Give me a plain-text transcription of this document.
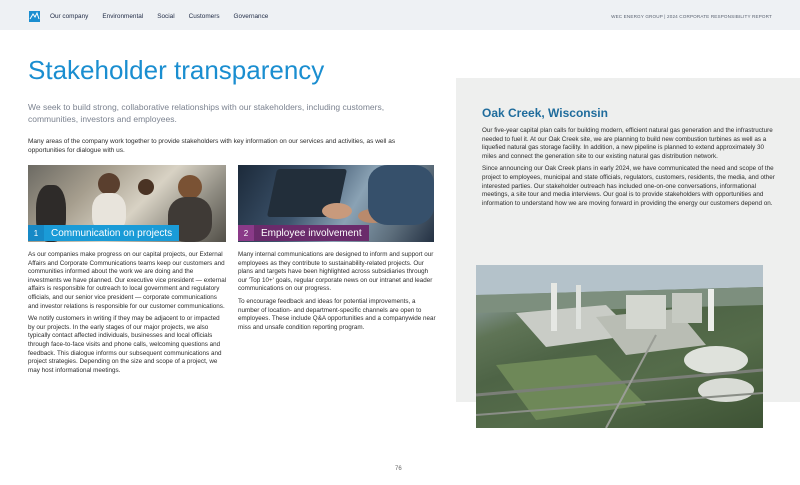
Our company Environmental Social Customers Governance	WEC ENERGY GROUP | 2024 CORPORATE RESPONSIBILITY REPORT
Stakeholder transparency

We seek to build strong, collaborative relationships with our stakeholders, including customers, communities, investors and employees.

Many areas of the company work together to provide stakeholders with key information on our services and activities, as well as opportunities for dialogue with us.

1	Communication on projects	2	Employee involvement

As our companies make progress on our capital projects, our External Affairs and Corporate Communications teams keep our customers and communities informed about the work we are doing and the investments we have planned. Our executive vice president — external affairs is responsible for outreach to local government and regulatory officials, and our senior vice president — corporate communications and investor relations is responsible for our customer communications.

We notify customers in writing if they may be adjacent to or impacted by our projects. In the early stages of our major projects, we also typically contact affected individuals, businesses and local officials through face-to-face visits and phone calls, welcoming questions and feedback. This dialogue informs our subsequent communications and project strategies. Depending on the size and scope of a project, we may host informational meetings.

Many internal communications are designed to inform and support our employees as they contribute to sustainability-related projects. Our plans and targets have been highlighted across subsidiaries through our 'Top 10+' goals, regular corporate news on our intranet and leader communications on our progress.

To encourage feedback and ideas for potential improvements, a number of location- and department-specific channels are open to employees. These include Q&A opportunities and a companywide near miss and unsafe condition reporting program.

Oak Creek, Wisconsin

Our five-year capital plan calls for building modern, efficient natural gas generation and the infrastructure needed to fuel it. At our Oak Creek site, we are planning to build new combustion turbines as well as a liquefied natural gas storage facility. In addition, a new pipeline is planned to extend approximately 30 miles and connect the generation site to our existing natural gas distribution network.

Since announcing our Oak Creek plans in early 2024, we have communicated the need and scope of the project to employees, municipal and state officials, regulators, customers, residents, the media, and other interested parties. Our stakeholder outreach has included one-on-one conversations, informational meetings, a site tour and media interviews. Our goal is to provide stakeholders with opportunities and information to understand how we are moving forward in providing the energy our customers depend on.

76
